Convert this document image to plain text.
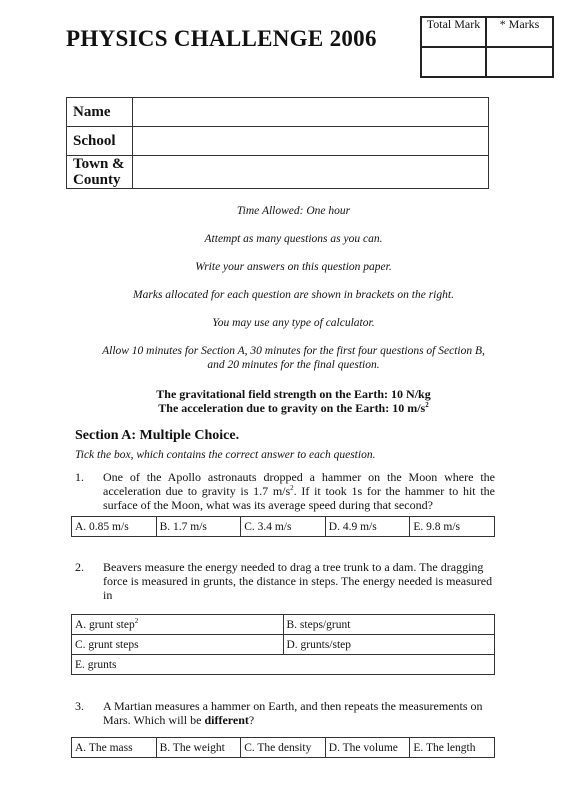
PHYSICS CHALLENGE 2006
Total Mark	* Marks

Name	
School	
Town & County	
Time Allowed: One hour
Attempt as many questions as you can.
Write your answers on this question paper.
Marks allocated for each question are shown in brackets on the right.
You may use any type of calculator.
Allow 10 minutes for Section A, 30 minutes for the first four questions of Section B,
and 20 minutes for the final question.
The gravitational field strength on the Earth: 10 N/kg
The acceleration due to gravity on the Earth: 10 $m/s^2$
Section A: Multiple Choice.
Tick the box, which contains the correct answer to each question.
1. One of the Apollo astronauts dropped a hammer on the Moon where the acceleration due to gravity is 1.7 $m/s^2$. If it took 1s for the hammer to hit the surface of the Moon, what was its average speed during that second?
A. 0.85 m/s	B. 1.7 m/s	C. 3.4 m/s	D. 4.9 m/s	E. 9.8 m/s
2. Beavers measure the energy needed to drag a tree trunk to a dam. The dragging force is measured in grunts, the distance in steps. The energy needed is measured in
A. grunt step$^2$	B. steps/grunt
C. grunt steps	D. grunts/step
E. grunts	
3. A Martian measures a hammer on Earth, and then repeats the measurements on Mars. Which will be different?
A. The mass	B. The weight	C. The density	D. The volume	E. The length
